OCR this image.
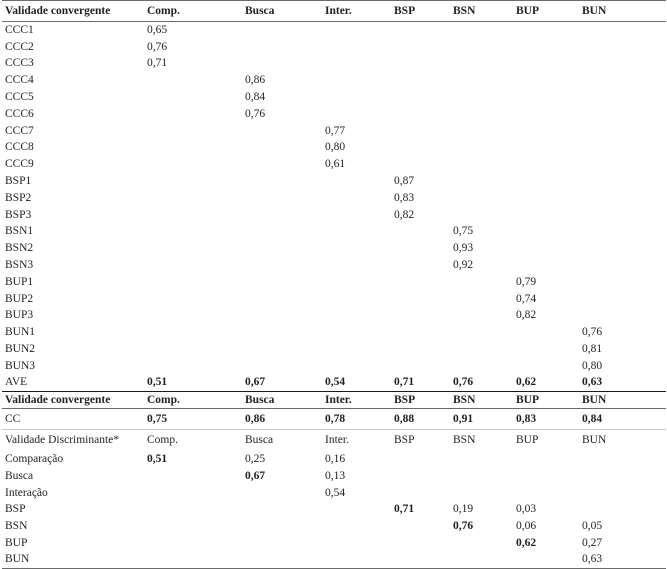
Validade convergente	Comp.	Busca	Inter.	BSP	BSN	BUP	BUN
CCC1	0,65						
CCC2	0,76						
CCC3	0,71						
CCC4		0,86					
CCC5		0,84					
CCC6		0,76					
CCC7			0,77				
CCC8			0,80				
CCC9			0,61				
BSP1				0,87			
BSP2				0,83			
BSP3				0,82			
BSN1					0,75		
BSN2					0,93		
BSN3					0,92		
BUP1						0,79	
BUP2						0,74	
BUP3						0,82	
BUN1							0,76
BUN2							0,81
BUN3							0,80
AVE	0,51	0,67	0,54	0,71	0,76	0,62	0,63
Validade convergente	Comp.	Busca	Inter.	BSP	BSN	BUP	BUN
CC	0,75	0,86	0,78	0,88	0,91	0,83	0,84
Validade Discriminante*	Comp.	Busca	Inter.	BSP	BSN	BUP	BUN
Comparação	0,51	0,25	0,16				
Busca		0,67	0,13				
Interação			0,54				
BSP				0,71	0,19	0,03	
BSN					0,76	0,06	0,05
BUP						0,62	0,27
BUN							0,63
